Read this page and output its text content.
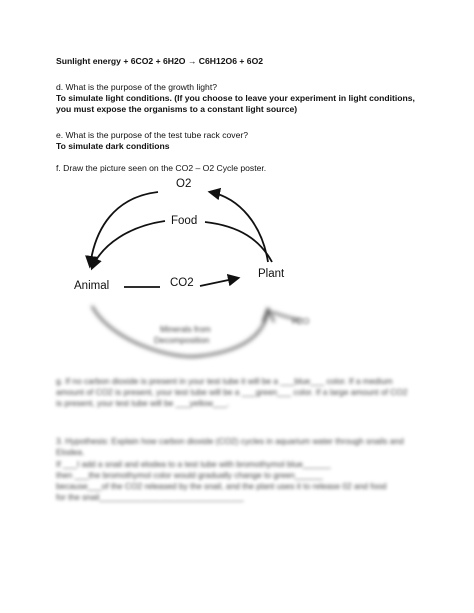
Sunlight energy + 6CO2 + 6H2O → C6H12O6 + 6O2
d. What is the purpose of the growth light?
To simulate light conditions. (If you choose to leave your experiment in light conditions,
you must expose the organisms to a constant light source)
e. What is the purpose of the test tube rack cover?
To simulate dark conditions
f. Draw the picture seen on the CO2 – O2 Cycle poster.
O2
Food
Animal	CO2
Plant
Minerals from
Decomposition
H2O
g. If no carbon dioxide is present in your test tube it will be a ___blue___ color. If a medium
amount of CO2 is present, your test tube will be a ___green___ color. If a large amount of CO2
is present, your test tube will be ___yellow___.
3. Hypothesis: Explain how carbon dioxide (CO2) cycles in aquarium water through snails and
Elodea.
If ___I add a snail and elodea to a test tube with bromothymol blue______
then ___the bromothymol color would gradually change to green______
because___of the CO2 released by the snail, and the plant uses it to release 02 and food
for the snail_______________________________
